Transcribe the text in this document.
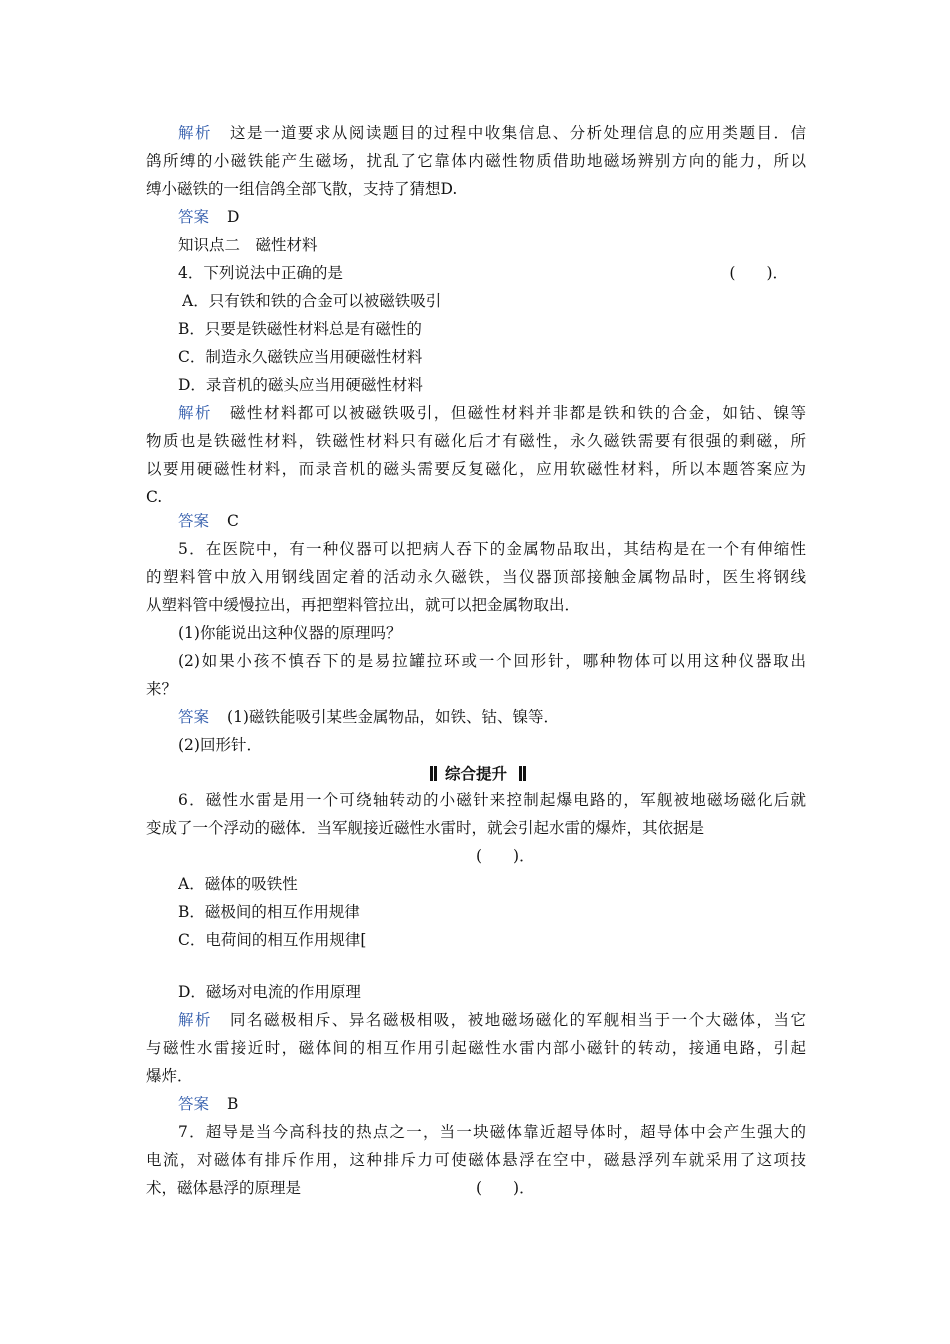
解析 这是一道要求从阅读题目的过程中收集信息、分析处理信息的应用类题目．信
鸽所缚的小磁铁能产生磁场，扰乱了它靠体内磁性物质借助地磁场辨别方向的能力，所以
缚小磁铁的一组信鸽全部飞散，支持了猜想D.
答案 D
知识点二　磁性材料
4．下列说法中正确的是	(　　)．
A．只有铁和铁的合金可以被磁铁吸引
B．只要是铁磁性材料总是有磁性的
C．制造永久磁铁应当用硬磁性材料
D．录音机的磁头应当用硬磁性材料
解析 磁性材料都可以被磁铁吸引，但磁性材料并非都是铁和铁的合金，如钴、镍等
物质也是铁磁性材料，铁磁性材料只有磁化后才有磁性，永久磁铁需要有很强的剩磁，所
以要用硬磁性材料，而录音机的磁头需要反复磁化，应用软磁性材料，所以本题答案应为
C.
答案 C
5．在医院中，有一种仪器可以把病人吞下的金属物品取出，其结构是在一个有伸缩性
的塑料管中放入用钢线固定着的活动永久磁铁，当仪器顶部接触金属物品时，医生将钢线
从塑料管中缓慢拉出，再把塑料管拉出，就可以把金属物取出．
(1)你能说出这种仪器的原理吗？
(2)如果小孩不慎吞下的是易拉罐拉环或一个回形针，哪种物体可以用这种仪器取出
来？
答案 (1)磁铁能吸引某些金属物品，如铁、钴、镍等．
(2)回形针．
综合提升
6．磁性水雷是用一个可绕轴转动的小磁针来控制起爆电路的，军舰被地磁场磁化后就
变成了一个浮动的磁体．当军舰接近磁性水雷时，就会引起水雷的爆炸，其依据是
(　　)．
A．磁体的吸铁性
B．磁极间的相互作用规律
C．电荷间的相互作用规律[
D．磁场对电流的作用原理
解析 同名磁极相斥、异名磁极相吸，被地磁场磁化的军舰相当于一个大磁体，当它
与磁性水雷接近时，磁体间的相互作用引起磁性水雷内部小磁针的转动，接通电路，引起
爆炸．
答案 B
7．超导是当今高科技的热点之一，当一块磁体靠近超导体时，超导体中会产生强大的
电流，对磁体有排斥作用，这种排斥力可使磁体悬浮在空中，磁悬浮列车就采用了这项技
术，磁体悬浮的原理是	(　　)．
